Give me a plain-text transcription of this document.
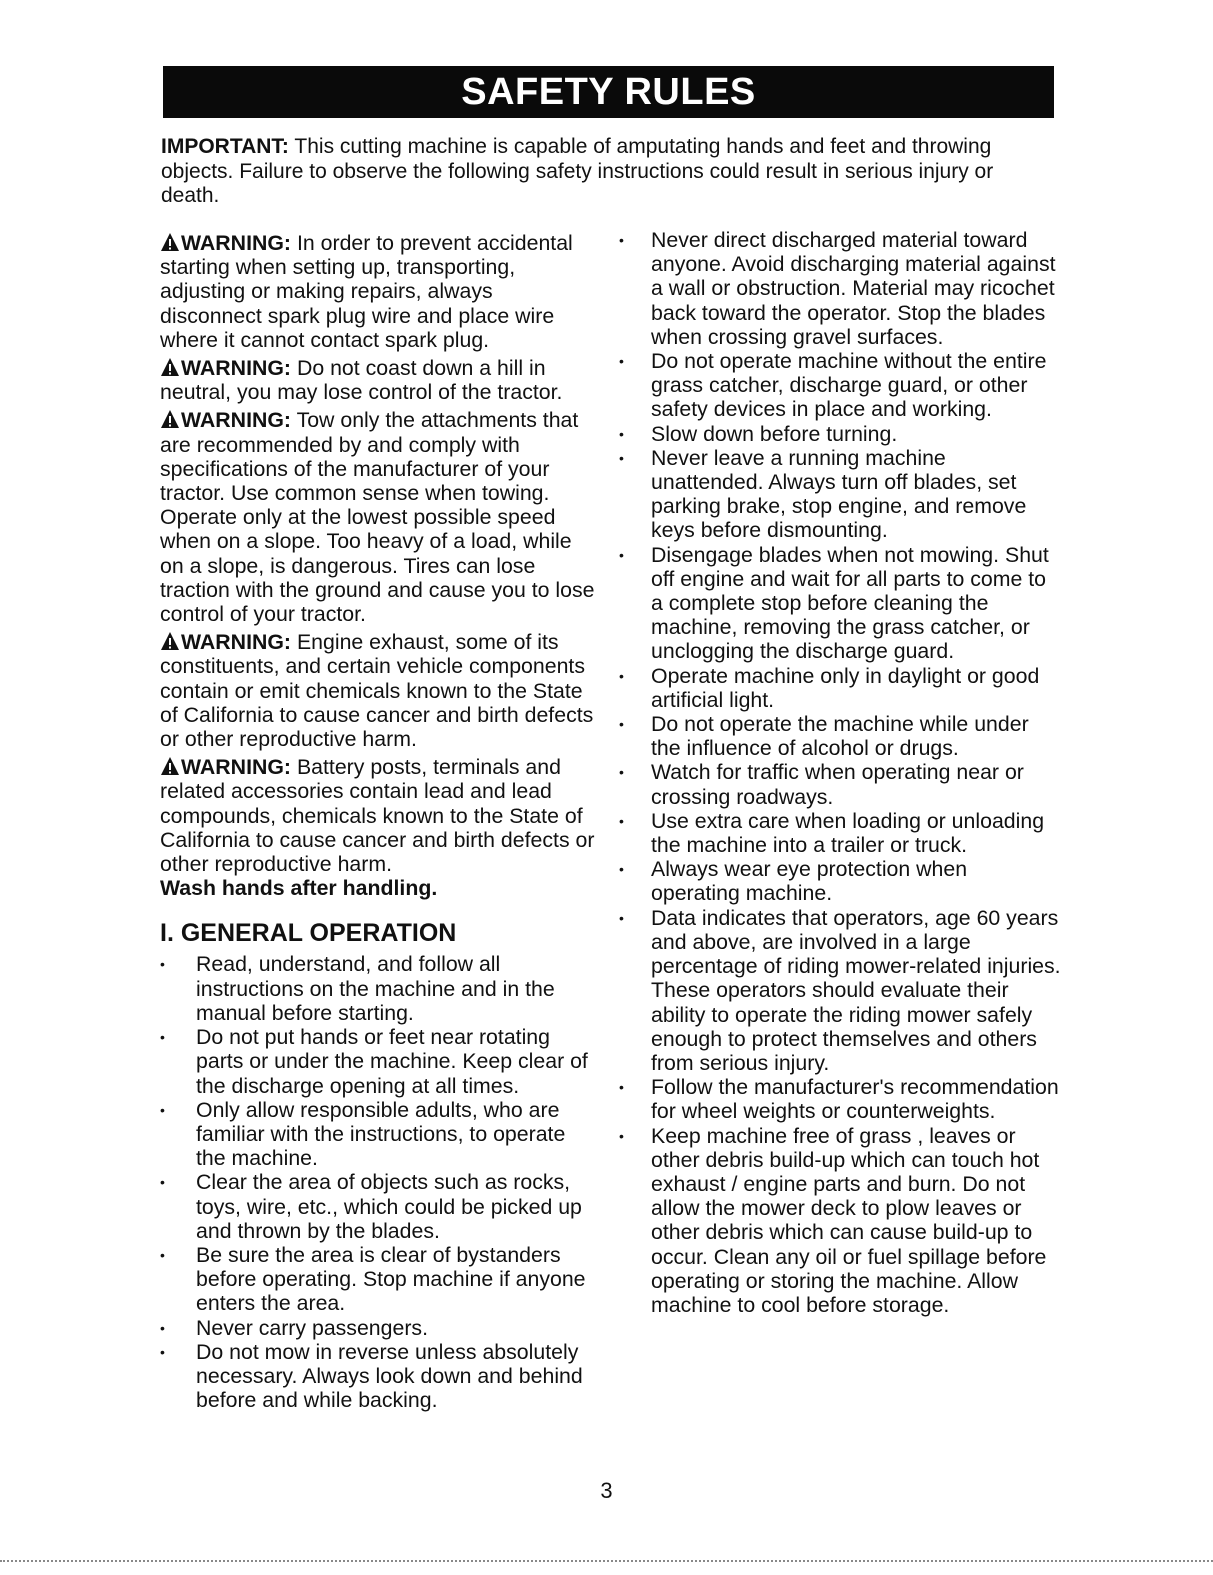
SAFETY RULES
IMPORTANT: This cutting machine is capable of amputating hands and feet and throwing objects. Failure to observe the following safety instructions could result in serious injury or death.

WARNING: In order to prevent accidental starting when setting up, transporting, adjusting or making repairs, always disconnect spark plug wire and place wire where it cannot contact spark plug.

WARNING: Do not coast down a hill in neutral, you may lose control of the tractor.

WARNING: Tow only the attachments that are recommended by and comply with specifications of the manufacturer of your tractor. Use common sense when towing. Operate only at the lowest possible speed when on a slope. Too heavy of a load, while on a slope, is dangerous. Tires can lose traction with the ground and cause you to lose control of your tractor.

WARNING: Engine exhaust, some of its constituents, and certain vehicle components contain or emit chemicals known to the State of California to cause cancer and birth defects or other reproductive harm.

WARNING: Battery posts, terminals and related accessories contain lead and lead compounds, chemicals known to the State of California to cause cancer and birth defects or other reproductive harm.

Wash hands after handling.
I. GENERAL OPERATION
• Read, understand, and follow all instructions on the machine and in the manual before starting.
• Do not put hands or feet near rotating parts or under the machine. Keep clear of the discharge opening at all times.
• Only allow responsible adults, who are familiar with the instructions, to operate the machine.
• Clear the area of objects such as rocks, toys, wire, etc., which could be picked up and thrown by the blades.
• Be sure the area is clear of bystanders before operating. Stop machine if anyone enters the area.
• Never carry passengers.
• Do not mow in reverse unless absolutely necessary. Always look down and behind before and while backing.
• Never direct discharged material toward anyone. Avoid discharging material against a wall or obstruction. Material may ricochet back toward the operator. Stop the blades when crossing gravel surfaces.
• Do not operate machine without the entire grass catcher, discharge guard, or other safety devices in place and working.
• Slow down before turning.
• Never leave a running machine unattended. Always turn off blades, set parking brake, stop engine, and remove keys before dismounting.
• Disengage blades when not mowing. Shut off engine and wait for all parts to come to a complete stop before cleaning the machine, removing the grass catcher, or unclogging the discharge guard.
• Operate machine only in daylight or good artificial light.
• Do not operate the machine while under the influence of alcohol or drugs.
• Watch for traffic when operating near or crossing roadways.
• Use extra care when loading or unloading the machine into a trailer or truck.
• Always wear eye protection when operating machine.
• Data indicates that operators, age 60 years and above, are involved in a large percentage of riding mower-related injuries. These operators should evaluate their ability to operate the riding mower safely enough to protect themselves and others from serious injury.
• Follow the manufacturer's recommendation for wheel weights or counterweights.
• Keep machine free of grass , leaves or other debris build-up which can touch hot exhaust / engine parts and burn. Do not allow the mower deck to plow leaves or other debris which can cause build-up to occur. Clean any oil or fuel spillage before operating or storing the machine. Allow machine to cool before storage.
3
